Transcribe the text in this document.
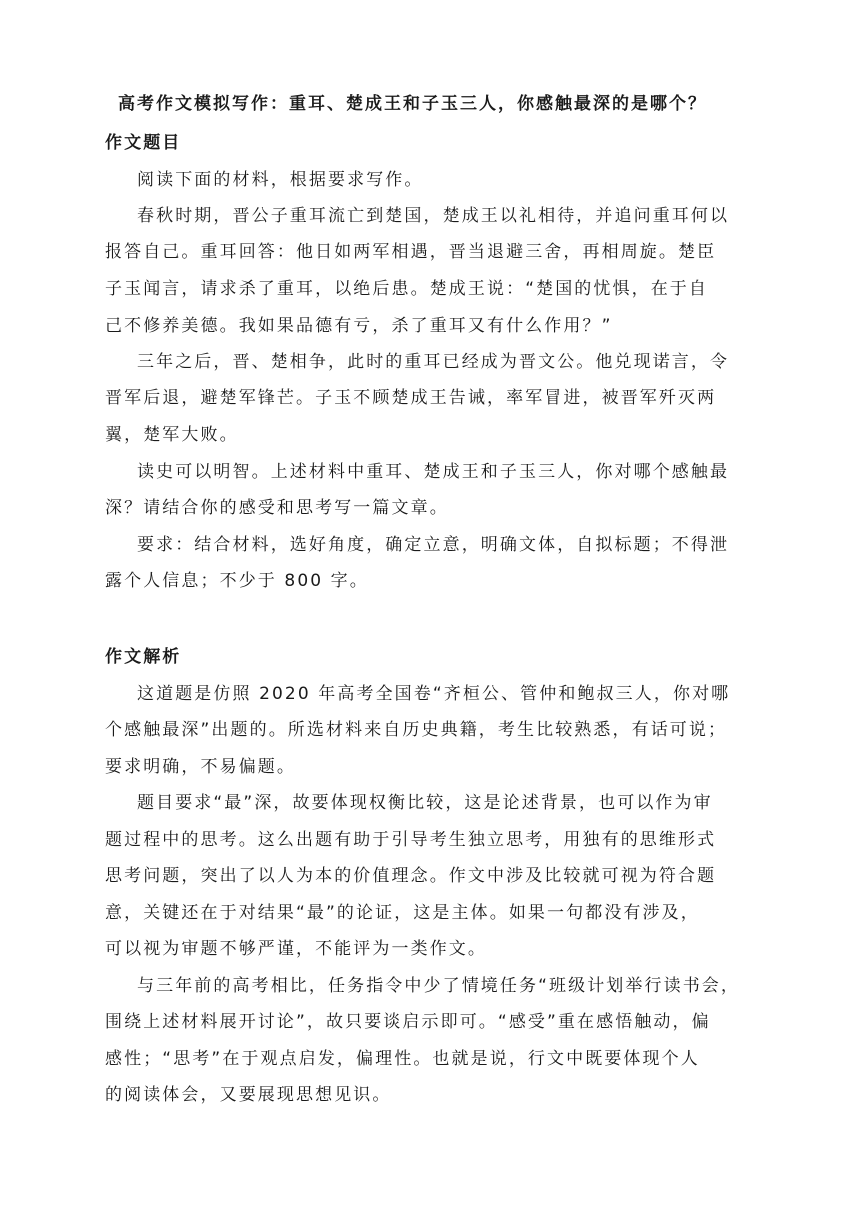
高考作文模拟写作：重耳、楚成王和子玉三人，你感触最深的是哪个？
作文题目
阅读下面的材料，根据要求写作。
春秋时期，晋公子重耳流亡到楚国，楚成王以礼相待，并追问重耳何以
报答自己。重耳回答：他日如两军相遇，晋当退避三舍，再相周旋。楚臣
子玉闻言，请求杀了重耳，以绝后患。楚成王说：“楚国的忧惧，在于自
己不修养美德。我如果品德有亏，杀了重耳又有什么作用？”
三年之后，晋、楚相争，此时的重耳已经成为晋文公。他兑现诺言，令
晋军后退，避楚军锋芒。子玉不顾楚成王告诫，率军冒进，被晋军歼灭两
翼，楚军大败。
读史可以明智。上述材料中重耳、楚成王和子玉三人，你对哪个感触最
深？请结合你的感受和思考写一篇文章。
要求：结合材料，选好角度，确定立意，明确文体，自拟标题；不得泄
露个人信息；不少于 800 字。
作文解析
这道题是仿照 2020 年高考全国卷“齐桓公、管仲和鲍叔三人，你对哪
个感触最深”出题的。所选材料来自历史典籍，考生比较熟悉，有话可说；
要求明确，不易偏题。
题目要求“最”深，故要体现权衡比较，这是论述背景，也可以作为审
题过程中的思考。这么出题有助于引导考生独立思考，用独有的思维形式
思考问题，突出了以人为本的价值理念。作文中涉及比较就可视为符合题
意，关键还在于对结果“最”的论证，这是主体。如果一句都没有涉及，
可以视为审题不够严谨，不能评为一类作文。
与三年前的高考相比，任务指令中少了情境任务“班级计划举行读书会，
围绕上述材料展开讨论”，故只要谈启示即可。“感受”重在感悟触动，偏
感性；“思考”在于观点启发，偏理性。也就是说，行文中既要体现个人
的阅读体会，又要展现思想见识。
